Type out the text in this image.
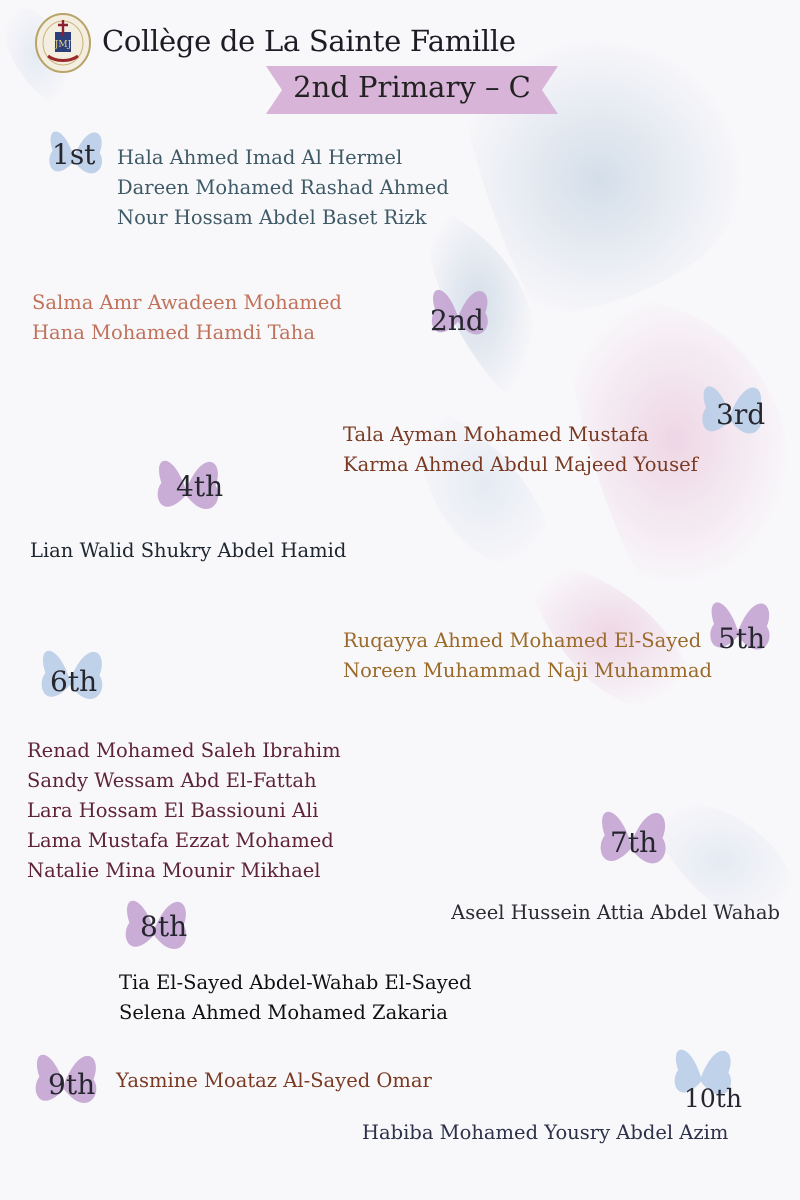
JMJ Collège de La Sainte Famille
2nd Primary – C
1st Hala Ahmed Imad Al Hermel
Dareen Mohamed Rashad Ahmed
Nour Hossam Abdel Baset Rizk
Salma Amr Awadeen Mohamed
Hana Mohamed Hamdi Taha	2nd
3rd
Tala Ayman Mohamed Mustafa
Karma Ahmed Abdul Majeed Yousef
4th
Lian Walid Shukry Abdel Hamid
Ruqayya Ahmed Mohamed El-Sayed
Noreen Muhammad Naji Muhammad
5th
6th
Renad Mohamed Saleh Ibrahim
Sandy Wessam Abd El-Fattah
Lara Hossam El Bassiouni Ali
Lama Mustafa Ezzat Mohamed
Natalie Mina Mounir Mikhael
7th
Aseel Hussein Attia Abdel Wahab
8th
Tia El-Sayed Abdel-Wahab El-Sayed
Selena Ahmed Mohamed Zakaria
9th Yasmine Moataz Al-Sayed Omar
10th
Habiba Mohamed Yousry Abdel Azim
